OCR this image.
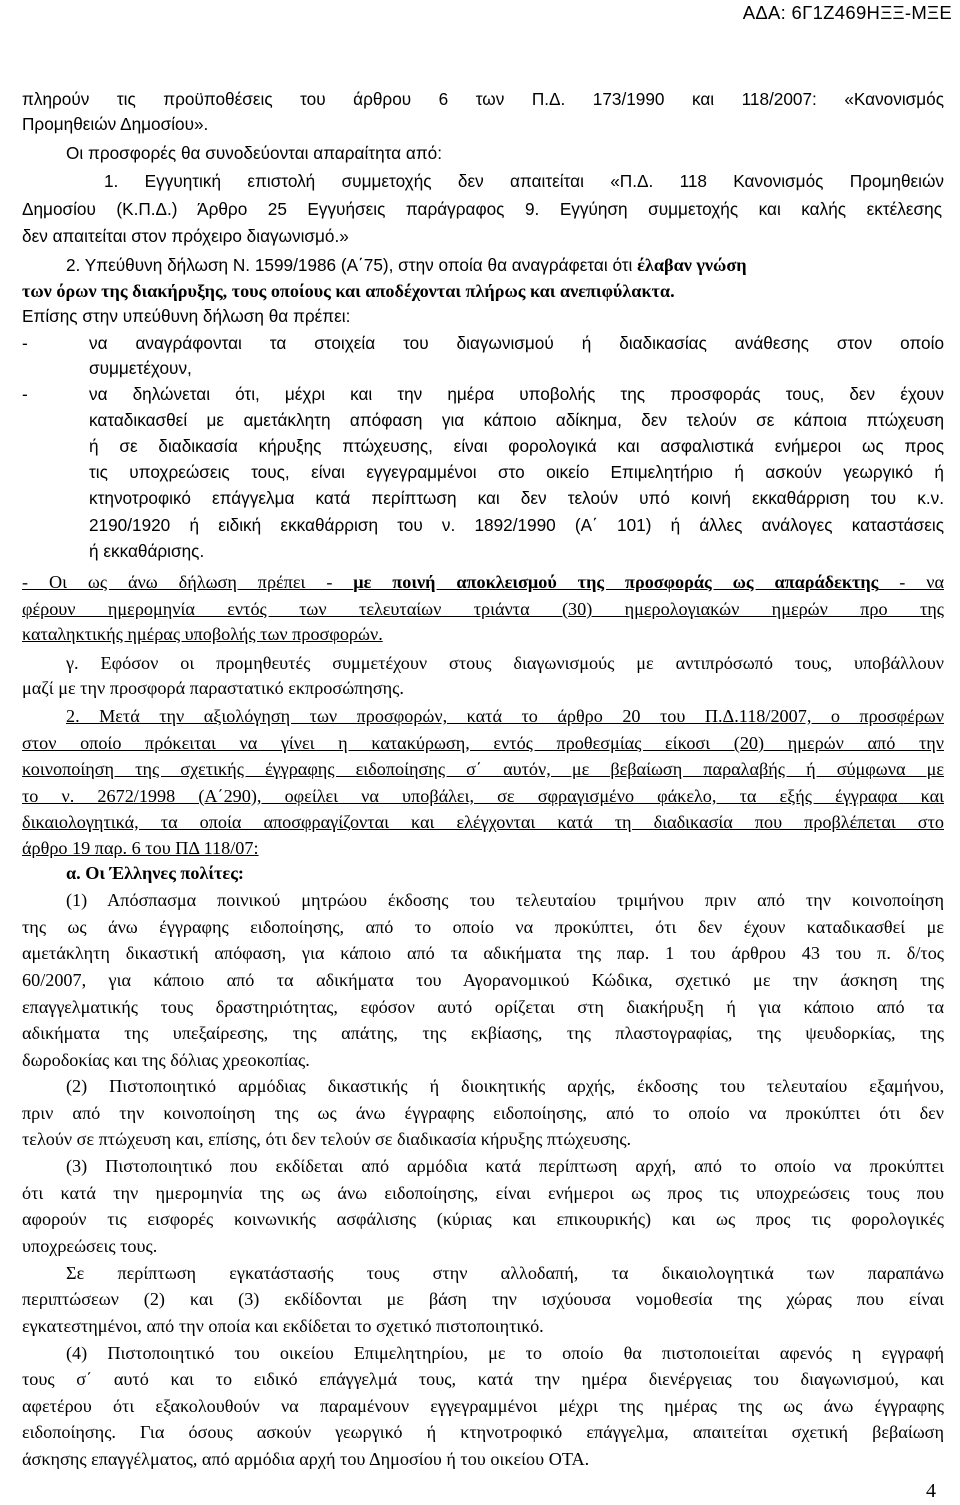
ΑΔΑ: 6Γ1Ζ469ΗΞΞ-ΜΞΕ
πληρούν τις προϋποθέσεις του άρθρου 6 των Π.Δ. 173/1990 και 118/2007: «Κανονισμός
Προμηθειών Δημοσίου».
Οι προσφορές θα συνοδεύονται απαραίτητα από:
1. Εγγυητική επιστολή συμμετοχής δεν απαιτείται «Π.Δ. 118 Κανονισμός Προμηθειών
Δημοσίου (Κ.Π.Δ.) Άρθρο 25 Εγγυήσεις παράγραφος 9. Εγγύηση συμμετοχής και καλής εκτέλεσης
δεν απαιτείται στον πρόχειρο διαγωνισμό.»
2. Υπεύθυνη δήλωση Ν. 1599/1986 (Α΄75), στην οποία θα αναγράφεται ότι έλαβαν γνώση
των όρων της διακήρυξης, τους οποίους και αποδέχονται πλήρως και ανεπιφύλακτα.
Επίσης στην υπεύθυνη δήλωση θα πρέπει:
-	να αναγράφονται τα στοιχεία του διαγωνισμού ή διαδικασίας ανάθεσης στον οποίο
συμμετέχουν,
-	να δηλώνεται ότι, μέχρι και την ημέρα υποβολής της προσφοράς τους, δεν έχουν
καταδικασθεί με αμετάκλητη απόφαση για κάποιο αδίκημα, δεν τελούν σε κάποια πτώχευση
ή σε διαδικασία κήρυξης πτώχευσης, είναι φορολογικά και ασφαλιστικά ενήμεροι ως προς
τις υποχρεώσεις τους, είναι εγγεγραμμένοι στο οικείο Επιμελητήριο ή ασκούν γεωργικό ή
κτηνοτροφικό επάγγελμα κατά περίπτωση και δεν τελούν υπό κοινή εκκαθάρριση του κ.ν.
2190/1920 ή ειδική εκκαθάρριση του ν. 1892/1990 (Α΄ 101) ή άλλες ανάλογες καταστάσεις
ή εκκαθάρισης.
- Οι ως άνω δήλωση πρέπει - με ποινή αποκλεισμού της προσφοράς ως απαράδεκτης - να
φέρουν ημερομηνία εντός των τελευταίων τριάντα (30) ημερολογιακών ημερών προ της
καταληκτικής ημέρας υποβολής των προσφορών.
γ. Εφόσον οι προμηθευτές συμμετέχουν στους διαγωνισμούς με αντιπρόσωπό τους, υποβάλλουν
μαζί με την προσφορά παραστατικό εκπροσώπησης.
2. Μετά την αξιολόγηση των προσφορών, κατά το άρθρο 20 του Π.Δ.118/2007, ο προσφέρων
στον οποίο πρόκειται να γίνει η κατακύρωση, εντός προθεσμίας είκοσι (20) ημερών από την
κοινοποίηση της σχετικής έγγραφης ειδοποίησης σ΄ αυτόν, με βεβαίωση παραλαβής ή σύμφωνα με
το ν. 2672/1998 (Α΄290), οφείλει να υποβάλει, σε σφραγισμένο φάκελο, τα εξής έγγραφα και
δικαιολογητικά, τα οποία αποσφραγίζονται και ελέγχονται κατά τη διαδικασία που προβλέπεται στο
άρθρο 19 παρ. 6 του ΠΔ 118/07:
α. Οι Έλληνες πολίτες:
(1) Απόσπασμα ποινικού μητρώου έκδοσης του τελευταίου τριμήνου πριν από την κοινοποίηση
της ως άνω έγγραφης ειδοποίησης, από το οποίο να προκύπτει, ότι δεν έχουν καταδικασθεί με
αμετάκλητη δικαστική απόφαση, για κάποιο από τα αδικήματα της παρ. 1 του άρθρου 43 του π. δ/τος
60/2007, για κάποιο από τα αδικήματα του Αγορανομικού Κώδικα, σχετικό με την άσκηση της
επαγγελματικής τους δραστηριότητας, εφόσον αυτό ορίζεται στη διακήρυξη ή για κάποιο από τα
αδικήματα της υπεξαίρεσης, της απάτης, της εκβίασης, της πλαστογραφίας, της ψευδορκίας, της
δωροδοκίας και της δόλιας χρεοκοπίας.
(2) Πιστοποιητικό αρμόδιας δικαστικής ή διοικητικής αρχής, έκδοσης του τελευταίου εξαμήνου,
πριν από την κοινοποίηση της ως άνω έγγραφης ειδοποίησης, από το οποίο να προκύπτει ότι δεν
τελούν σε πτώχευση και, επίσης, ότι δεν τελούν σε διαδικασία κήρυξης πτώχευσης.
(3) Πιστοποιητικό που εκδίδεται από αρμόδια κατά περίπτωση αρχή, από το οποίο να προκύπτει
ότι κατά την ημερομηνία της ως άνω ειδοποίησης, είναι ενήμεροι ως προς τις υποχρεώσεις τους που
αφορούν τις εισφορές κοινωνικής ασφάλισης (κύριας και επικουρικής) και ως προς τις φορολογικές
υποχρεώσεις τους.
Σε περίπτωση εγκατάστασής τους στην αλλοδαπή, τα δικαιολογητικά των παραπάνω
περιπτώσεων (2) και (3) εκδίδονται με βάση την ισχύουσα νομοθεσία της χώρας που είναι
εγκατεστημένοι, από την οποία και εκδίδεται το σχετικό πιστοποιητικό.
(4) Πιστοποιητικό του οικείου Επιμελητηρίου, με το οποίο θα πιστοποιείται αφενός η εγγραφή
τους σ΄ αυτό και το ειδικό επάγγελμά τους, κατά την ημέρα διενέργειας του διαγωνισμού, και
αφετέρου ότι εξακολουθούν να παραμένουν εγγεγραμμένοι μέχρι της ημέρας της ως άνω έγγραφης
ειδοποίησης. Για όσους ασκούν γεωργικό ή κτηνοτροφικό επάγγελμα, απαιτείται σχετική βεβαίωση
άσκησης επαγγέλματος, από αρμόδια αρχή του Δημοσίου ή του οικείου ΟΤΑ.
4
